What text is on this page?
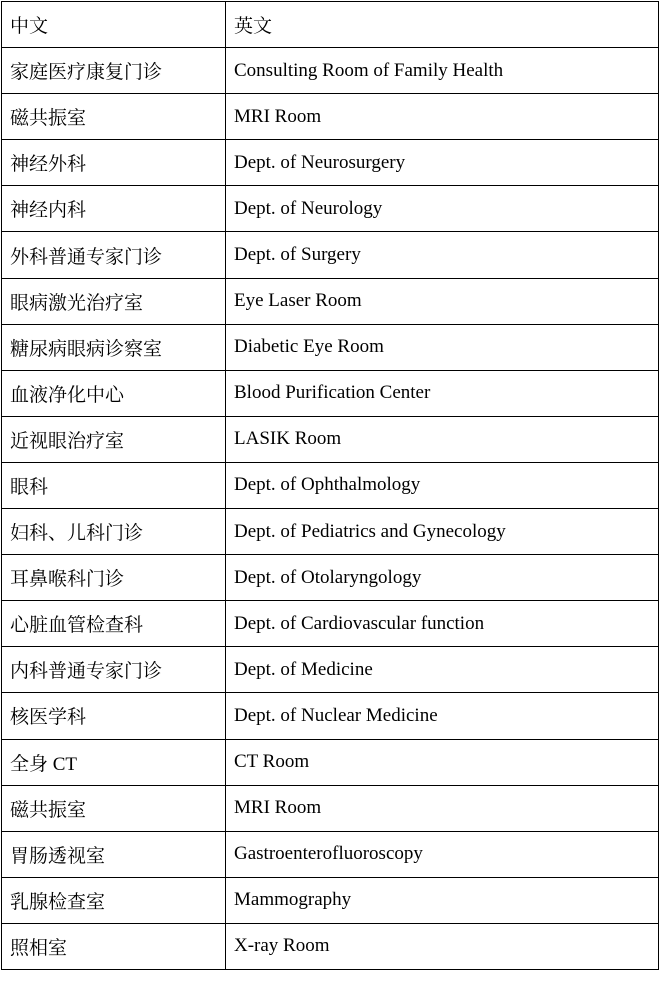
中文	英文
家庭医疗康复门诊	Consulting Room of Family Health
磁共振室	MRI Room
神经外科	Dept. of Neurosurgery
神经内科	Dept. of Neurology
外科普通专家门诊	Dept. of Surgery
眼病激光治疗室	Eye Laser Room
糖尿病眼病诊察室	Diabetic Eye Room
血液净化中心	Blood Purification Center
近视眼治疗室	LASIK Room
眼科	Dept. of Ophthalmology
妇科、儿科门诊	Dept. of Pediatrics and Gynecology
耳鼻喉科门诊	Dept. of Otolaryngology
心脏血管检查科	Dept. of Cardiovascular function
内科普通专家门诊	Dept. of Medicine
核医学科	Dept. of Nuclear Medicine
全身 CT	CT Room
磁共振室	MRI Room
胃肠透视室	Gastroenterofluoroscopy
乳腺检查室	Mammography
照相室	X-ray Room
